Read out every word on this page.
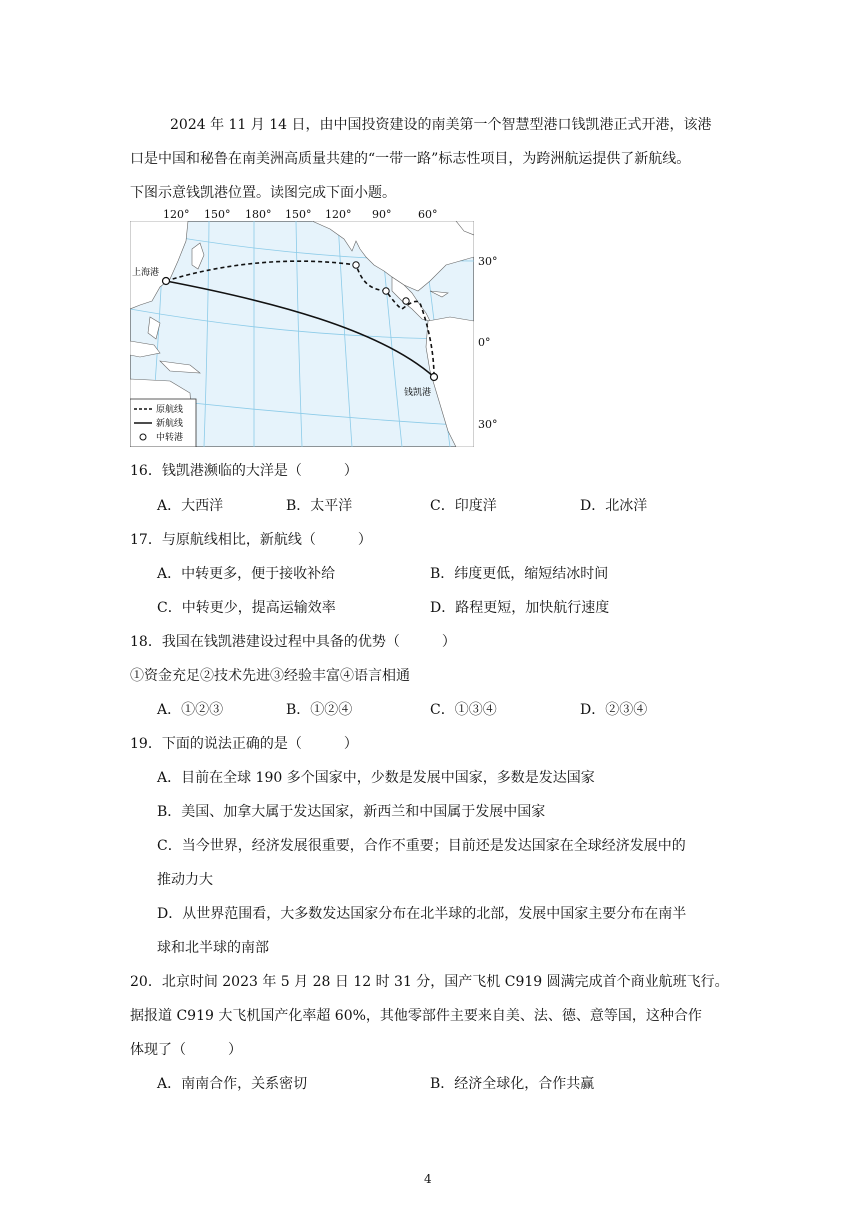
2024 年 11 月 14 日，由中国投资建设的南美第一个智慧型港口钱凯港正式开港，该港
口是中国和秘鲁在南美洲高质量共建的“一带一路”标志性项目，为跨洲航运提供了新航线。
下图示意钱凯港位置。读图完成下面小题。
上海港
钱凯港
原航线
新航线
中转港
120° 150° 180° 150° 120° 90° 60°
30°
0°
30°
16．钱凯港濒临的大洋是（　　　）
A．大西洋	B．太平洋	C．印度洋	D．北冰洋
17．与原航线相比，新航线（　　　）
A．中转更多，便于接收补给	B．纬度更低，缩短结冰时间
C．中转更少，提高运输效率	D．路程更短，加快航行速度
18．我国在钱凯港建设过程中具备的优势（　　　）
①资金充足②技术先进③经验丰富④语言相通
A．①②③	B．①②④	C．①③④	D．②③④
19．下面的说法正确的是（　　　）
A．目前在全球 190 多个国家中，少数是发展中国家，多数是发达国家
B．美国、加拿大属于发达国家，新西兰和中国属于发展中国家
C．当今世界，经济发展很重要，合作不重要；目前还是发达国家在全球经济发展中的
推动力大
D．从世界范围看，大多数发达国家分布在北半球的北部，发展中国家主要分布在南半
球和北半球的南部
20．北京时间 2023 年 5 月 28 日 12 时 31 分，国产飞机 C919 圆满完成首个商业航班飞行。
据报道 C919 大飞机国产化率超 60%，其他零部件主要来自美、法、德、意等国，这种合作
体现了（　　　）
A．南南合作，关系密切	B．经济全球化，合作共赢
4
